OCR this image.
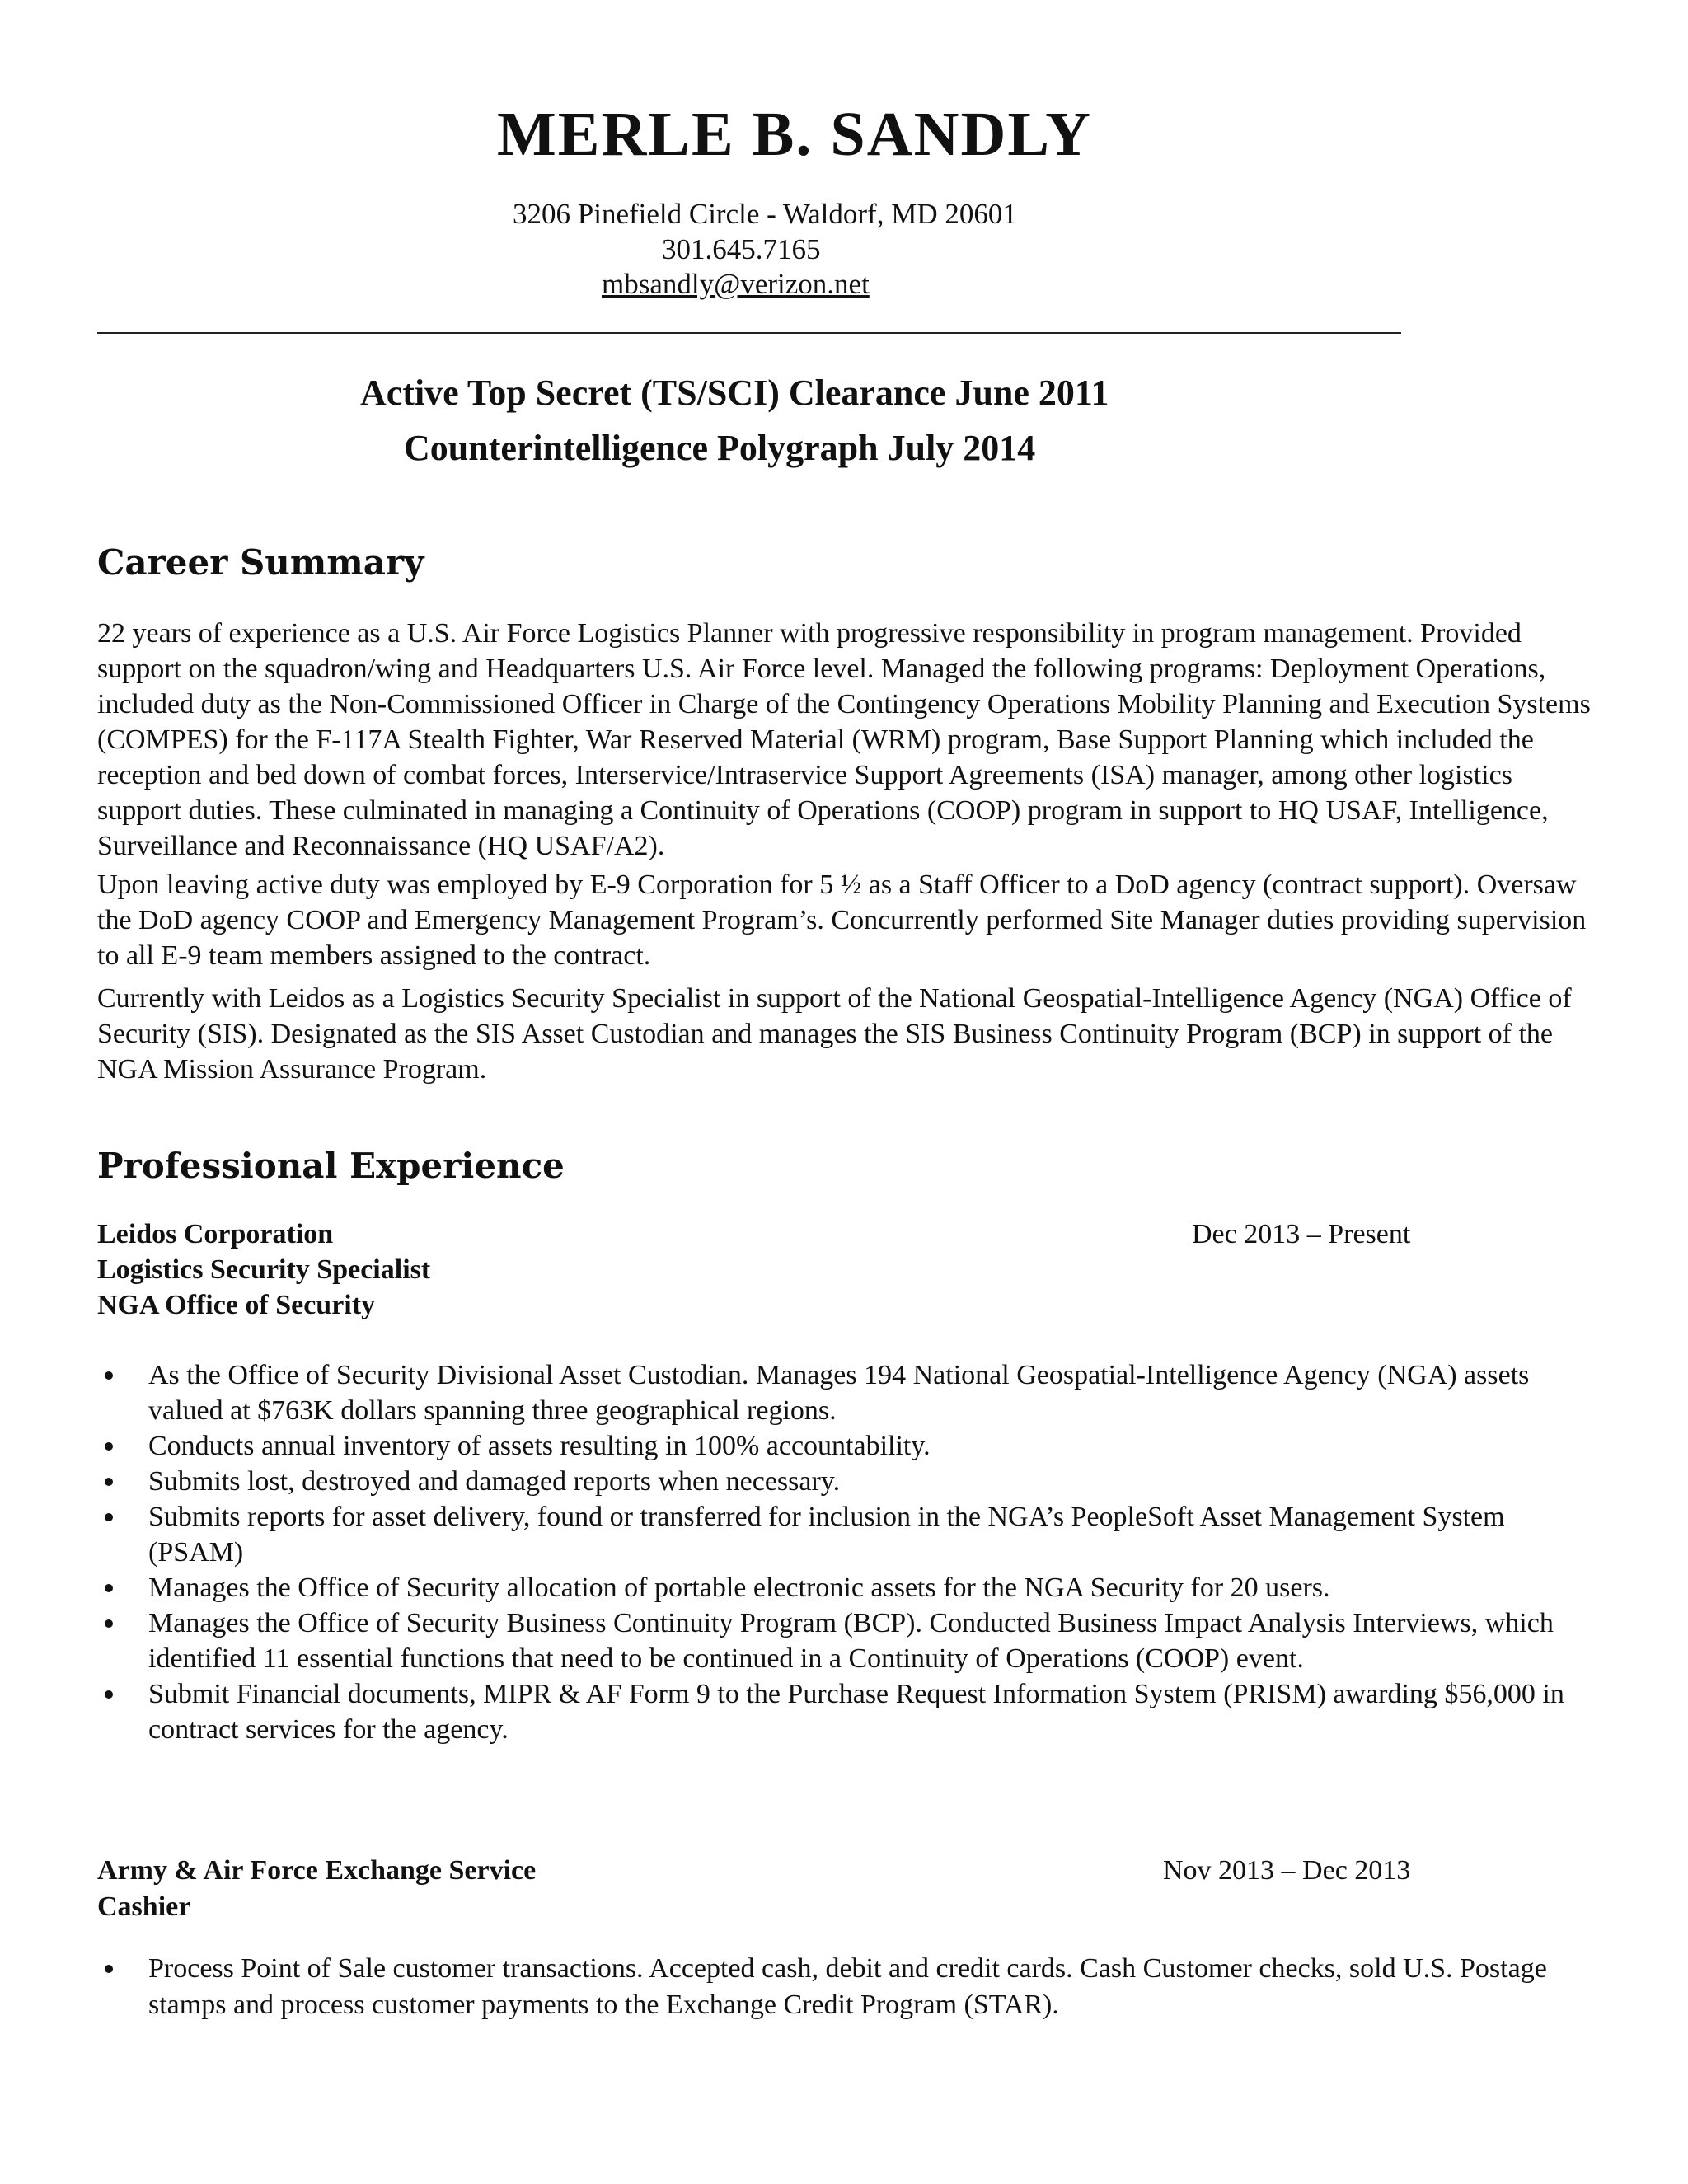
MERLE B. SANDLY

3206 Pinefield Circle - Waldorf, MD 20601

301.645.7165

mbsandly@verizon.net

Active Top Secret (TS/SCI) Clearance June 2011

Counterintelligence Polygraph July 2014

Career Summary

22 years of experience as a U.S. Air Force Logistics Planner with progressive responsibility in program management. Provided support on the squadron/wing and Headquarters U.S. Air Force level. Managed the following programs: Deployment Operations, included duty as the Non-Commissioned Officer in Charge of the Contingency Operations Mobility Planning and Execution Systems (COMPES) for the F-117A Stealth Fighter, War Reserved Material (WRM) program, Base Support Planning which included the reception and bed down of combat forces, Interservice/Intraservice Support Agreements (ISA) manager, among other logistics support duties. These culminated in managing a Continuity of Operations (COOP) program in support to HQ USAF, Intelligence, Surveillance and Reconnaissance (HQ USAF/A2).

Upon leaving active duty was employed by E-9 Corporation for 5 ½ as a Staff Officer to a DoD agency (contract support). Oversaw the DoD agency COOP and Emergency Management Program’s. Concurrently performed Site Manager duties providing supervision to all E-9 team members assigned to the contract.

Currently with Leidos as a Logistics Security Specialist in support of the National Geospatial-Intelligence Agency (NGA) Office of Security (SIS). Designated as the SIS Asset Custodian and manages the SIS Business Continuity Program (BCP) in support of the NGA Mission Assurance Program.

Professional Experience

Leidos Corporation	Dec 2013 – Present

Logistics Security Specialist

NGA Office of Security

As the Office of Security Divisional Asset Custodian. Manages 194 National Geospatial-Intelligence Agency (NGA) assets valued at $763K dollars spanning three geographical regions.
Conducts annual inventory of assets resulting in 100% accountability.
Submits lost, destroyed and damaged reports when necessary.
Submits reports for asset delivery, found or transferred for inclusion in the NGA’s PeopleSoft Asset Management System (PSAM)
Manages the Office of Security allocation of portable electronic assets for the NGA Security for 20 users.
Manages the Office of Security Business Continuity Program (BCP). Conducted Business Impact Analysis Interviews, which identified 11 essential functions that need to be continued in a Continuity of Operations (COOP) event.
Submit Financial documents, MIPR & AF Form 9 to the Purchase Request Information System (PRISM) awarding $56,000 in contract services for the agency.

Army & Air Force Exchange Service	Nov 2013 – Dec 2013

Cashier

Process Point of Sale customer transactions. Accepted cash, debit and credit cards. Cash Customer checks, sold U.S. Postage stamps and process customer payments to the Exchange Credit Program (STAR).
